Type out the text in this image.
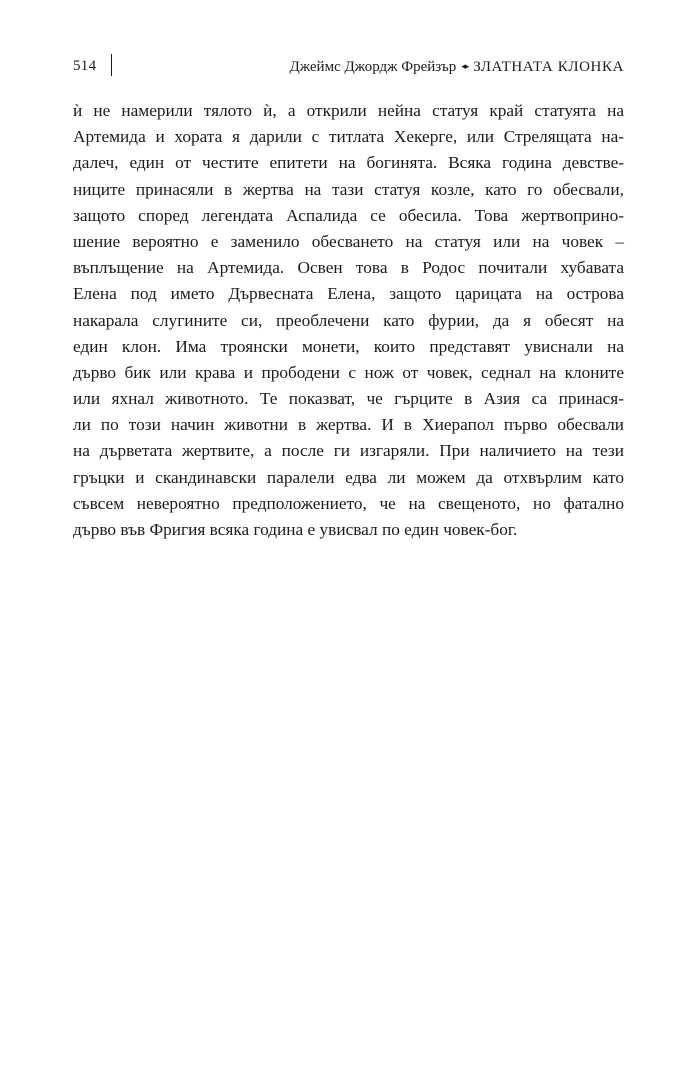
514	Джеймс Джордж Фрейзър ◂▸ ЗЛАТНАТА КЛОНКА
ѝ не намерили тялото ѝ, а открили нейна статуя край статуята на
Артемида и хората я дарили с титлата Хекерге, или Стрелящата на-
далеч, един от честите епитети на богинята. Всяка година девстве-
ниците принасяли в жертва на тази статуя козле, като го обесвали,
защото според легендата Аспалида се обесила. Това жертвоприно-
шение вероятно е заменило обесването на статуя или на човек –
въплъщение на Артемида. Освен това в Родос почитали хубавата
Елена под името Дървесната Елена, защото царицата на острова
накарала слугините си, преоблечени като фурии, да я обесят на
един клон. Има троянски монети, които представят увиснали на
дърво бик или крава и прободени с нож от човек, седнал на клоните
или яхнал животното. Те показват, че гърците в Азия са принася-
ли по този начин животни в жертва. И в Хиерапол първо обесвали
на дърветата жертвите, а после ги изгаряли. При наличието на тези
гръцки и скандинавски паралели едва ли можем да отхвърлим като
съвсем невероятно предположението, че на свещеното, но фатално
дърво във Фригия всяка година е увисвал по един човек-бог.
